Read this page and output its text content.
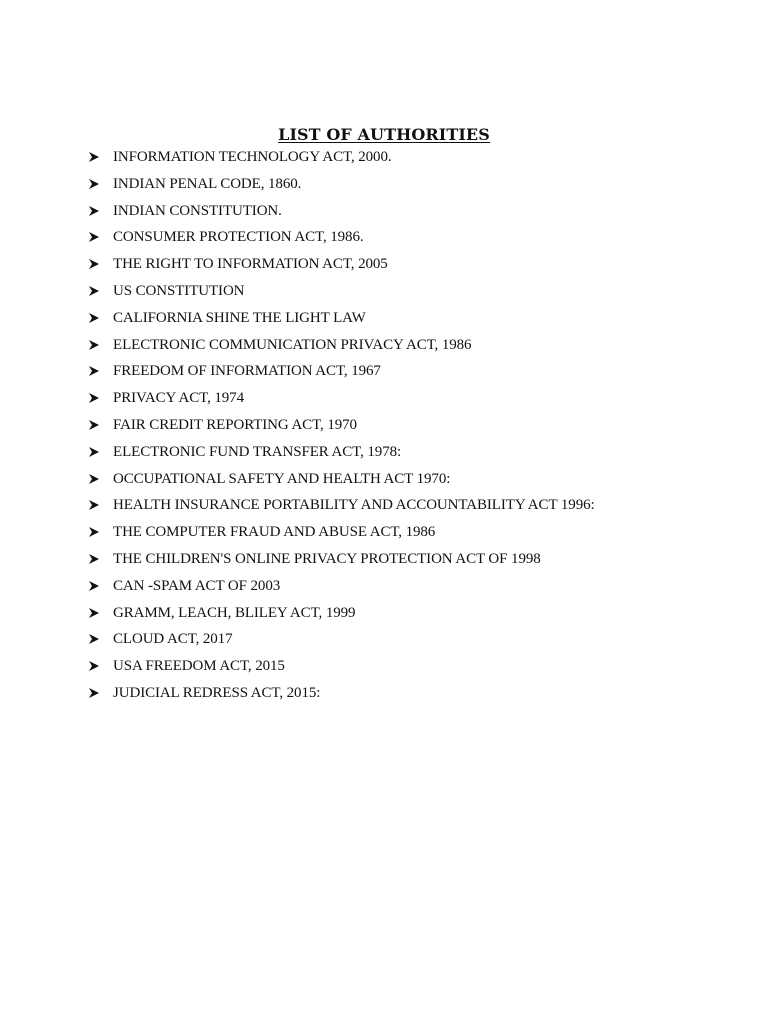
LIST OF AUTHORITIES
INFORMATION TECHNOLOGY ACT, 2000.
INDIAN PENAL CODE, 1860.
INDIAN CONSTITUTION.
CONSUMER PROTECTION ACT, 1986.
THE RIGHT TO INFORMATION ACT, 2005
US CONSTITUTION
CALIFORNIA SHINE THE LIGHT LAW
ELECTRONIC COMMUNICATION PRIVACY ACT, 1986
FREEDOM OF INFORMATION ACT, 1967
PRIVACY ACT, 1974
FAIR CREDIT REPORTING ACT, 1970
ELECTRONIC FUND TRANSFER ACT, 1978:
OCCUPATIONAL SAFETY AND HEALTH ACT 1970:
HEALTH INSURANCE PORTABILITY AND ACCOUNTABILITY ACT 1996:
THE COMPUTER FRAUD AND ABUSE ACT, 1986
THE CHILDREN'S ONLINE PRIVACY PROTECTION ACT OF 1998
CAN -SPAM ACT OF 2003
GRAMM, LEACH, BLILEY ACT, 1999
CLOUD ACT, 2017
USA FREEDOM ACT, 2015
JUDICIAL REDRESS ACT, 2015:
